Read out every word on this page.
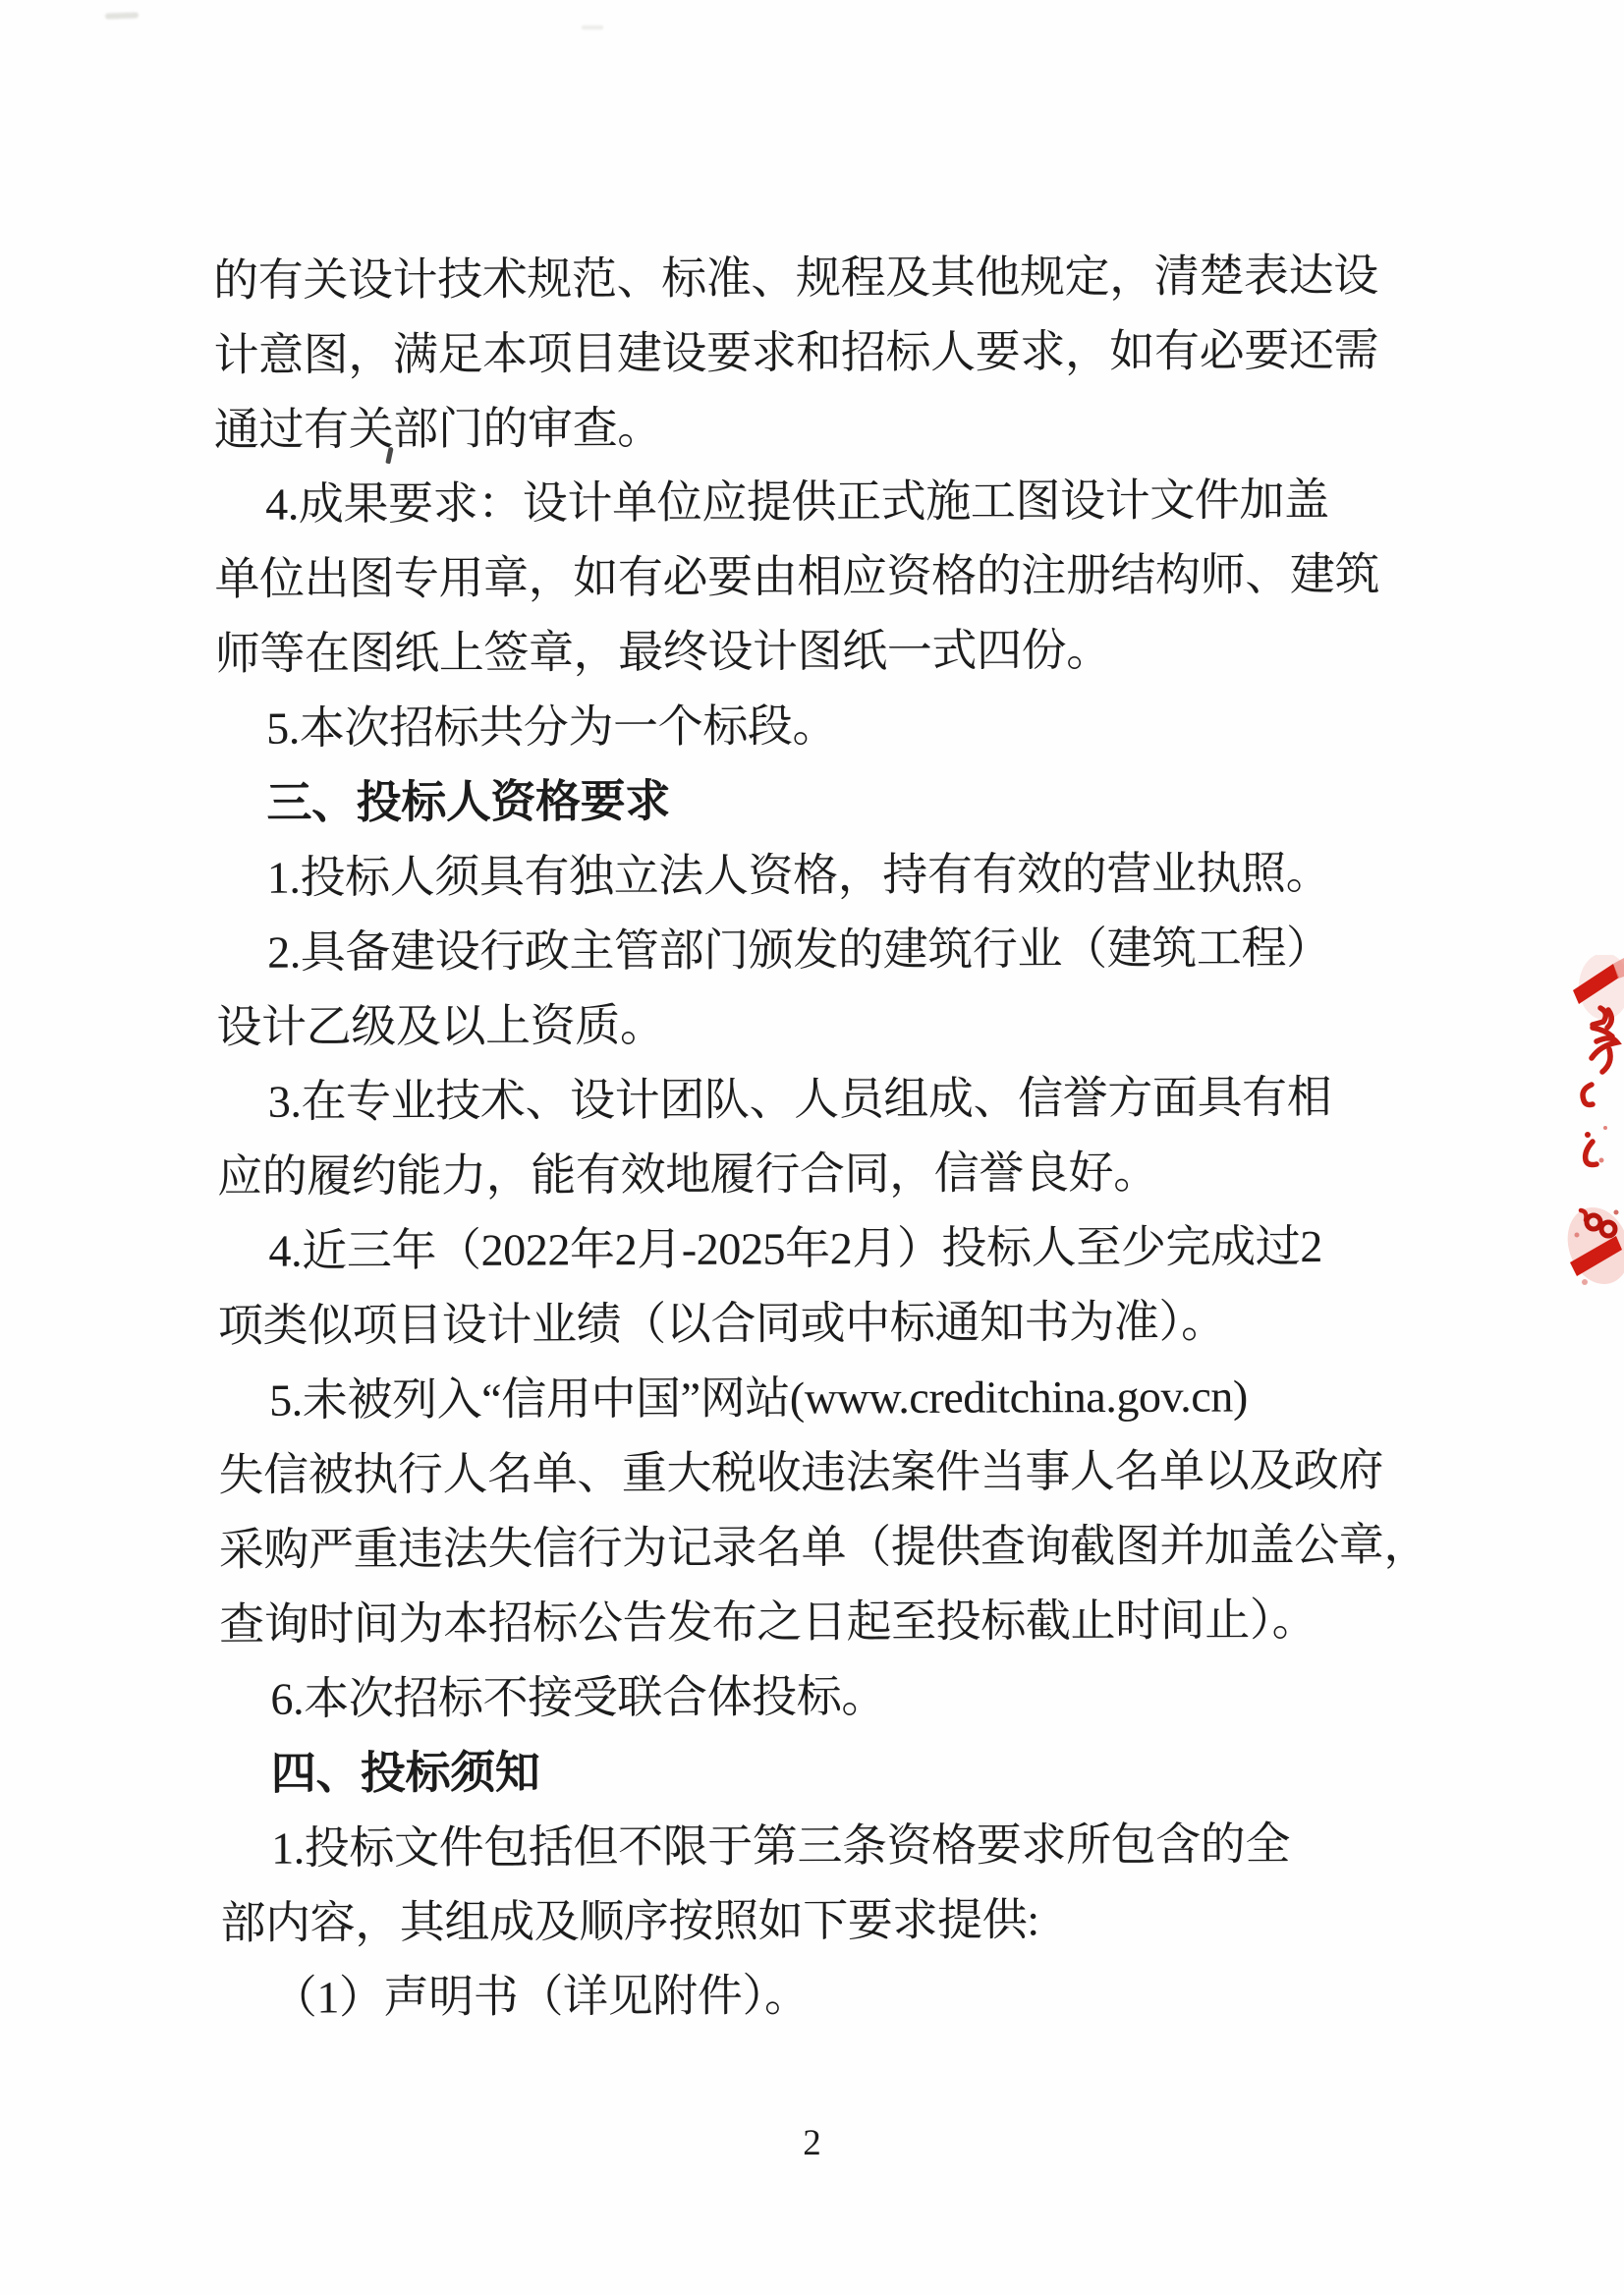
的有关设计技术规范、标准、规程及其他规定，清楚表达设
计意图，满足本项目建设要求和招标人要求，如有必要还需
通过有关部门的审查。
4.成果要求：设计单位应提供正式施工图设计文件加盖
单位出图专用章，如有必要由相应资格的注册结构师、建筑
师等在图纸上签章，最终设计图纸一式四份。
5.本次招标共分为一个标段。
三、投标人资格要求
1.投标人须具有独立法人资格，持有有效的营业执照。
2.具备建设行政主管部门颁发的建筑行业（建筑工程）
设计乙级及以上资质。
3.在专业技术、设计团队、人员组成、信誉方面具有相
应的履约能力，能有效地履行合同，信誉良好。
4.近三年（2022年2月-2025年2月）投标人至少完成过2
项类似项目设计业绩（以合同或中标通知书为准）。
5.未被列入“信用中国”网站(www.creditchina.gov.cn)
失信被执行人名单、重大税收违法案件当事人名单以及政府
采购严重违法失信行为记录名单（提供查询截图并加盖公章，
查询时间为本招标公告发布之日起至投标截止时间止）。
6.本次招标不接受联合体投标。
四、投标须知
1.投标文件包括但不限于第三条资格要求所包含的全
部内容，其组成及顺序按照如下要求提供:
（1）声明书（详见附件）。
2
